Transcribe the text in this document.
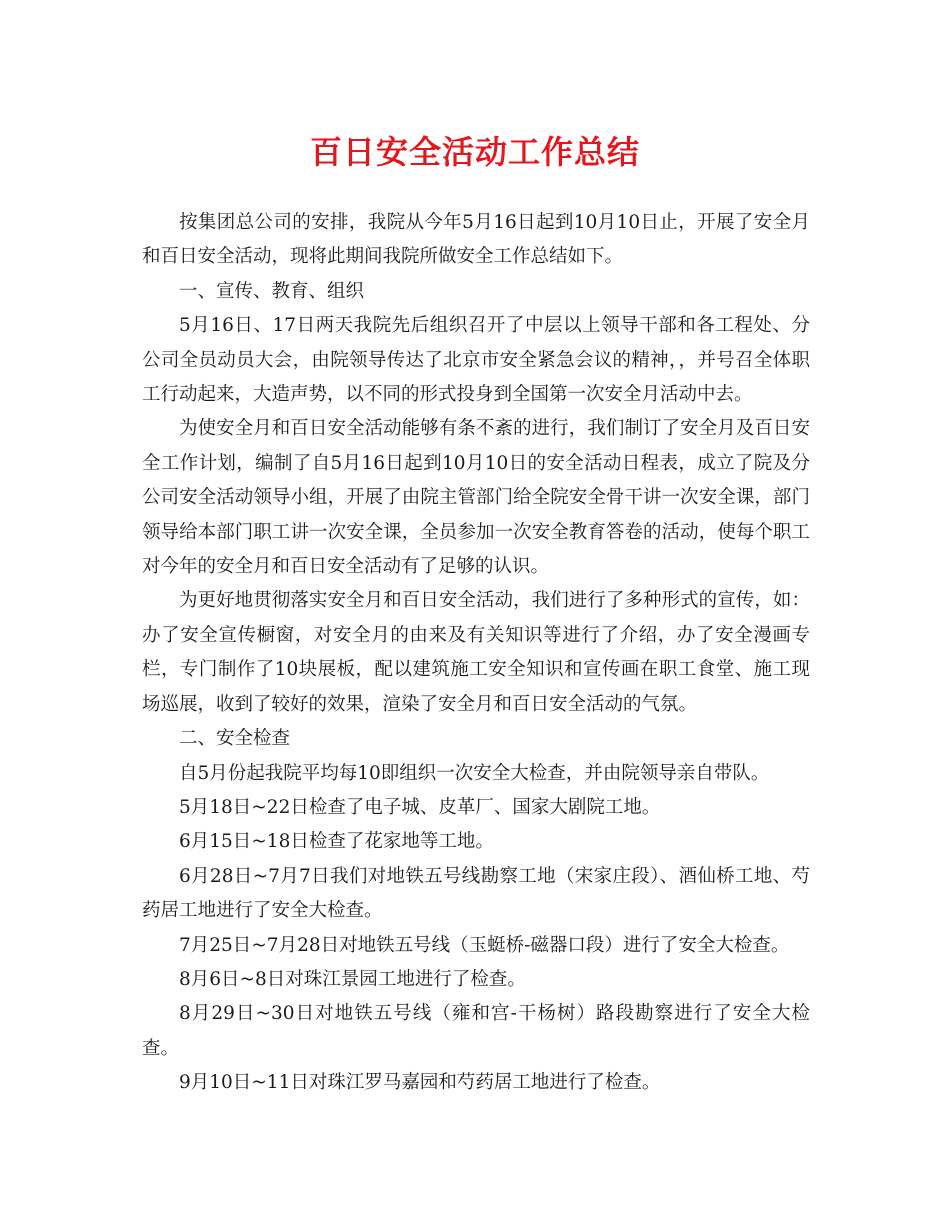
百日安全活动工作总结

按集团总公司的安排，我院从今年5月16日起到10月10日止，开展了安全月和百日安全活动，现将此期间我院所做安全工作总结如下。

一、宣传、教育、组织

5月16日、17日两天我院先后组织召开了中层以上领导干部和各工程处、分公司全员动员大会，由院领导传达了北京市安全紧急会议的精神，，并号召全体职工行动起来，大造声势，以不同的形式投身到全国第一次安全月活动中去。

为使安全月和百日安全活动能够有条不紊的进行，我们制订了安全月及百日安全工作计划，编制了自5月16日起到10月10日的安全活动日程表，成立了院及分公司安全活动领导小组，开展了由院主管部门给全院安全骨干讲一次安全课，部门领导给本部门职工讲一次安全课，全员参加一次安全教育答卷的活动，使每个职工对今年的安全月和百日安全活动有了足够的认识。

为更好地贯彻落实安全月和百日安全活动，我们进行了多种形式的宣传，如：办了安全宣传橱窗，对安全月的由来及有关知识等进行了介绍，办了安全漫画专栏，专门制作了10块展板，配以建筑施工安全知识和宣传画在职工食堂、施工现场巡展，收到了较好的效果，渲染了安全月和百日安全活动的气氛。

二、安全检查

自5月份起我院平均每10即组织一次安全大检查，并由院领导亲自带队。

5月18日~22日检查了电子城、皮革厂、国家大剧院工地。

6月15日~18日检查了花家地等工地。

6月28日~7月7日我们对地铁五号线勘察工地（宋家庄段）、酒仙桥工地、芍药居工地进行了安全大检查。

7月25日~7月28日对地铁五号线（玉蜓桥-磁器口段）进行了安全大检查。

8月6日~8日对珠江景园工地进行了检查。

8月29日~30日对地铁五号线（雍和宫-干杨树）路段勘察进行了安全大检查。

9月10日~11日对珠江罗马嘉园和芍药居工地进行了检查。
